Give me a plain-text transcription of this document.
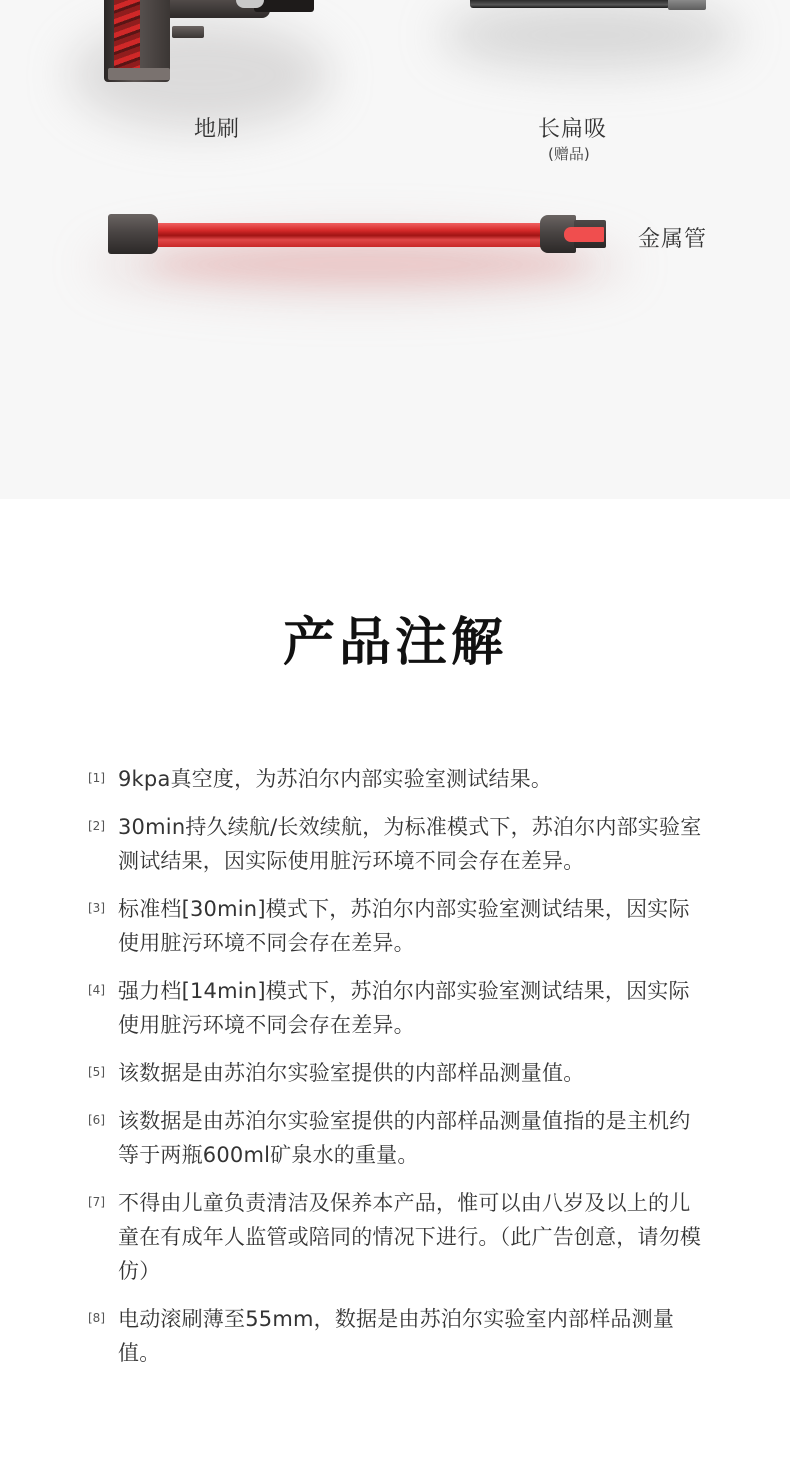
地刷	长扁吸
(赠品)
金属管
产品注解
[1] 9kpa真空度，为苏泊尔内部实验室测试结果。
[2] 30min持久续航/长效续航，为标准模式下，苏泊尔内部实验室测试结果，因实际使用脏污环境不同会存在差异。
[3] 标准档[30min]模式下，苏泊尔内部实验室测试结果，因实际使用脏污环境不同会存在差异。
[4] 强力档[14min]模式下，苏泊尔内部实验室测试结果，因实际使用脏污环境不同会存在差异。
[5] 该数据是由苏泊尔实验室提供的内部样品测量值。
[6] 该数据是由苏泊尔实验室提供的内部样品测量值指的是主机约等于两瓶600ml矿泉水的重量。
[7] 不得由儿童负责清洁及保养本产品，惟可以由八岁及以上的儿童在有成年人监管或陪同的情况下进行。（此广告创意，请勿模仿）
[8] 电动滚刷薄至55mm，数据是由苏泊尔实验室内部样品测量值。
